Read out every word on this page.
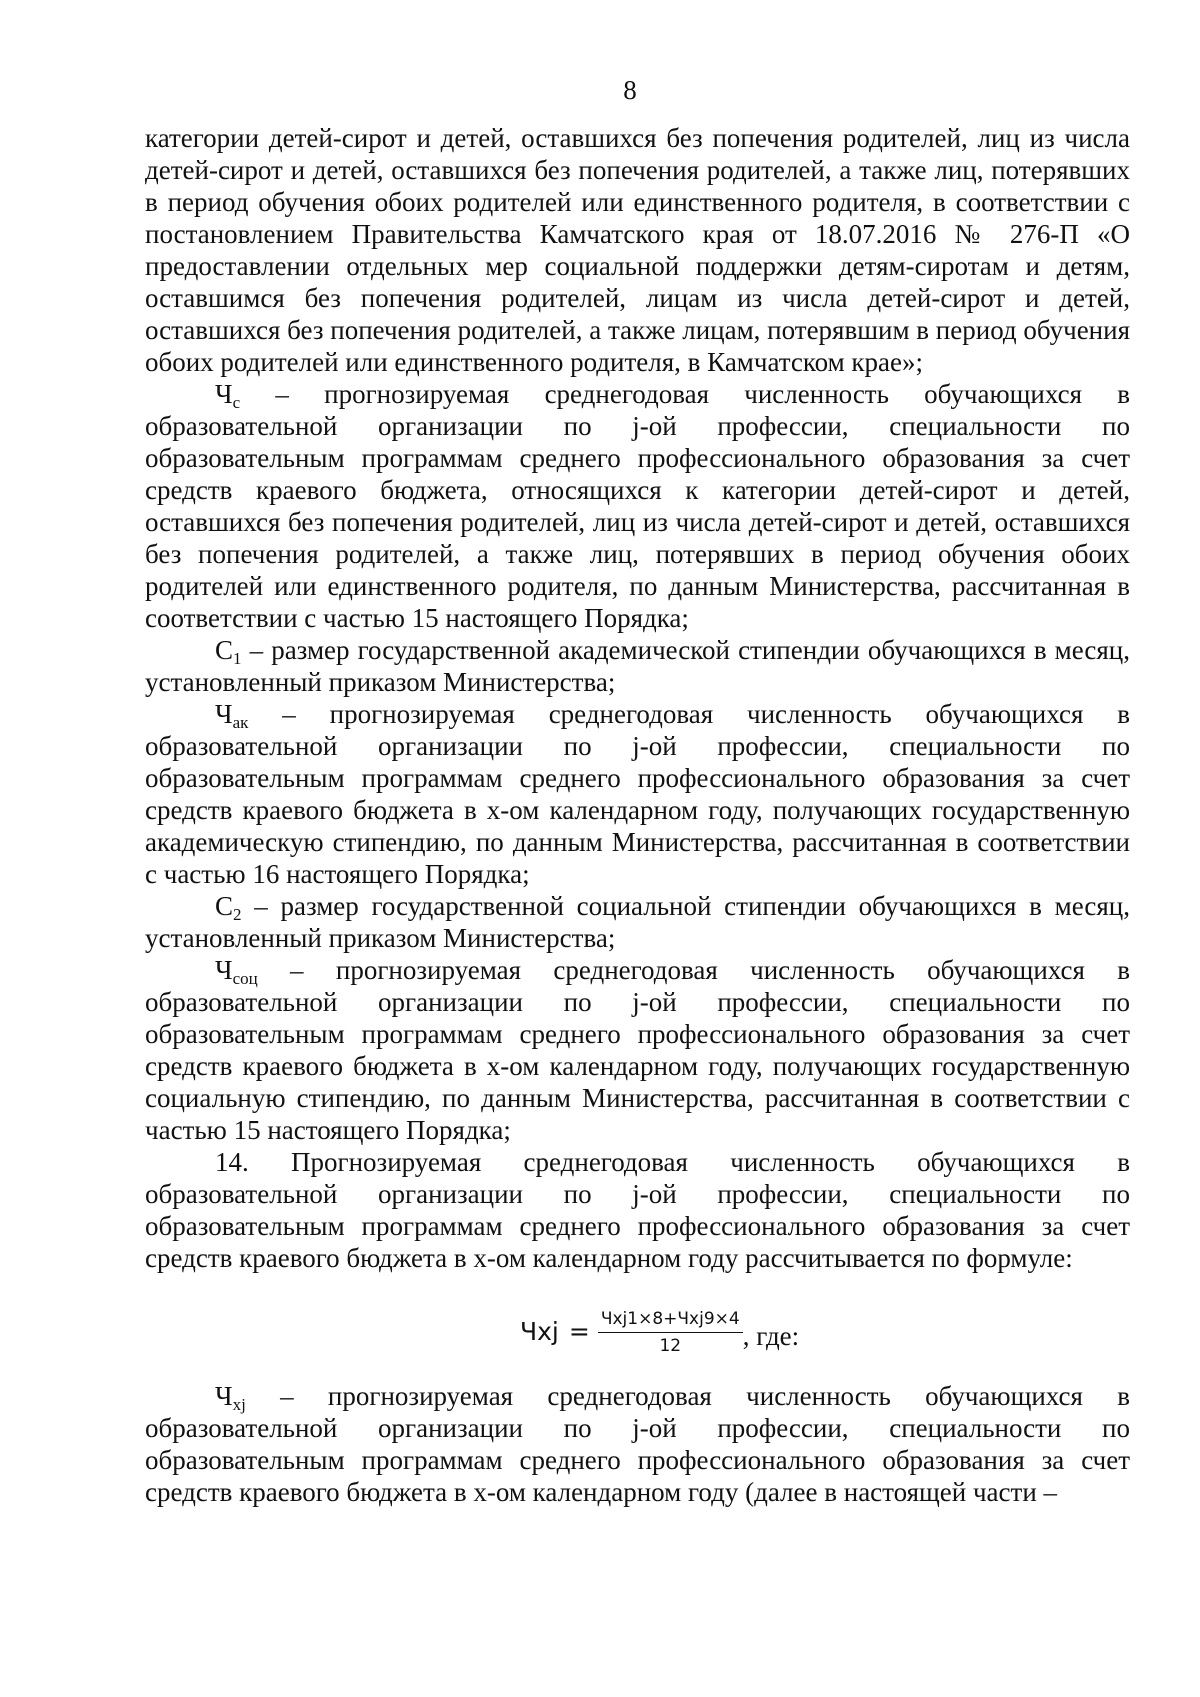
8

категории детей-сирот и детей, оставшихся без попечения родителей, лиц из числа детей-сирот и детей, оставшихся без попечения родителей, а также лиц, потерявших в период обучения обоих родителей или единственного родителя, в соответствии с постановлением Правительства Камчатского края от 18.07.2016 № 276-П «О предоставлении отдельных мер социальной поддержки детям-сиротам и детям, оставшимся без попечения родителей, лицам из числа детей-сирот и детей, оставшихся без попечения родителей, а также лицам, потерявшим в период обучения обоих родителей или единственного родителя, в Камчатском крае»;

$Ч_с$ – прогнозируемая среднегодовая численность обучающихся в образовательной организации по j-ой профессии, специальности по образовательным программам среднего профессионального образования за счет средств краевого бюджета, относящихся к категории детей-сирот и детей, оставшихся без попечения родителей, лиц из числа детей-сирот и детей, оставшихся без попечения родителей, а также лиц, потерявших в период обучения обоих родителей или единственного родителя, по данным Министерства, рассчитанная в соответствии с частью 15 настоящего Порядка;

$С_1$ – размер государственной академической стипендии обучающихся в месяц, установленный приказом Министерства;

$Ч_{ак}$ – прогнозируемая среднегодовая численность обучающихся в образовательной организации по j-ой профессии, специальности по образовательным программам среднего профессионального образования за счет средств краевого бюджета в х-ом календарном году, получающих государственную академическую стипендию, по данным Министерства, рассчитанная в соответствии с частью 16 настоящего Порядка;

$С_2$ – размер государственной социальной стипендии обучающихся в месяц, установленный приказом Министерства;

$Ч_{соц}$ – прогнозируемая среднегодовая численность обучающихся в образовательной организации по j-ой профессии, специальности по образовательным программам среднего профессионального образования за счет средств краевого бюджета в х-ом календарном году, получающих государственную социальную стипендию, по данным Министерства, рассчитанная в соответствии с частью 15 настоящего Порядка;

14. Прогнозируемая среднегодовая численность обучающихся в образовательной организации по j-ой профессии, специальности по образовательным программам среднего профессионального образования за счет средств краевого бюджета в х-ом календарном году рассчитывается по формуле:

Чxj = $\frac{\text{Чxj1×8+Чxj9×4}}{12}$ , где:

$Ч_{xj}$ – прогнозируемая среднегодовая численность обучающихся в образовательной организации по j-ой профессии, специальности по образовательным программам среднего профессионального образования за счет средств краевого бюджета в х-ом календарном году (далее в настоящей части –
